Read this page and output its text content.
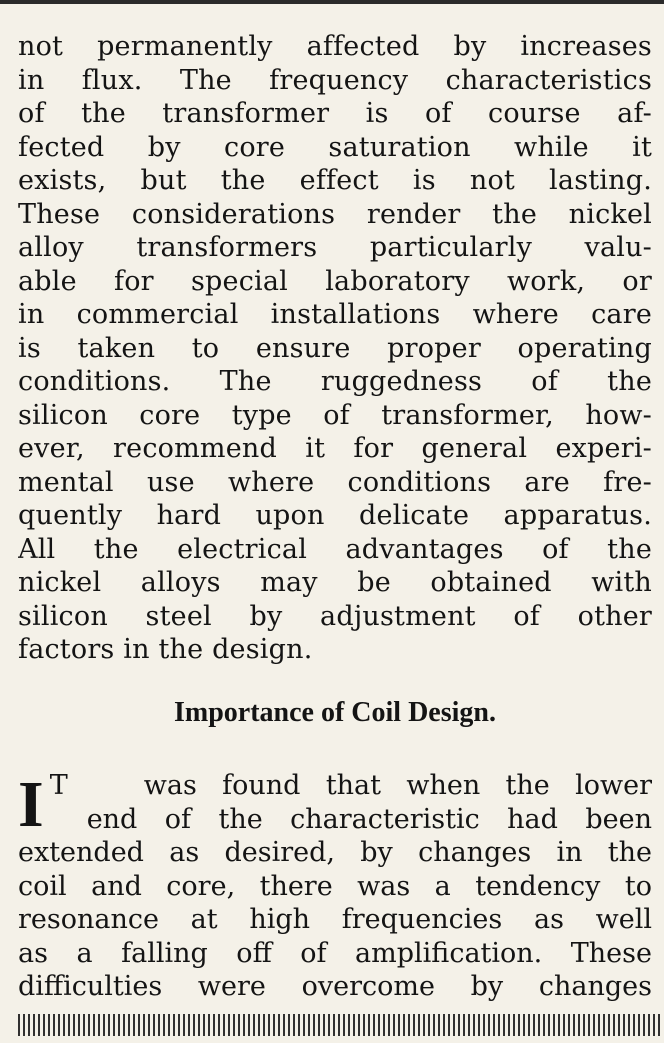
not permanently affected by increases
in flux. The frequency characteristics
of the transformer is of course af-
fected by core saturation while it
exists, but the effect is not lasting.
These considerations render the nickel
alloy transformers particularly valu-
able for special laboratory work, or
in commercial installations where care
is taken to ensure proper operating
conditions. The ruggedness of the
silicon core type of transformer, how-
ever, recommend it for general experi-
mental use where conditions are fre-
quently hard upon delicate apparatus.
All the electrical advantages of the
nickel alloys may be obtained with
silicon steel by adjustment of other
factors in the design.

Importance of Coil Design.
I T	was found that when the lower
end of the characteristic had been
extended as desired, by changes in the
coil and core, there was a tendency to
resonance at high frequencies as well
as a falling off of amplification. These
difficulties were overcome by changes
